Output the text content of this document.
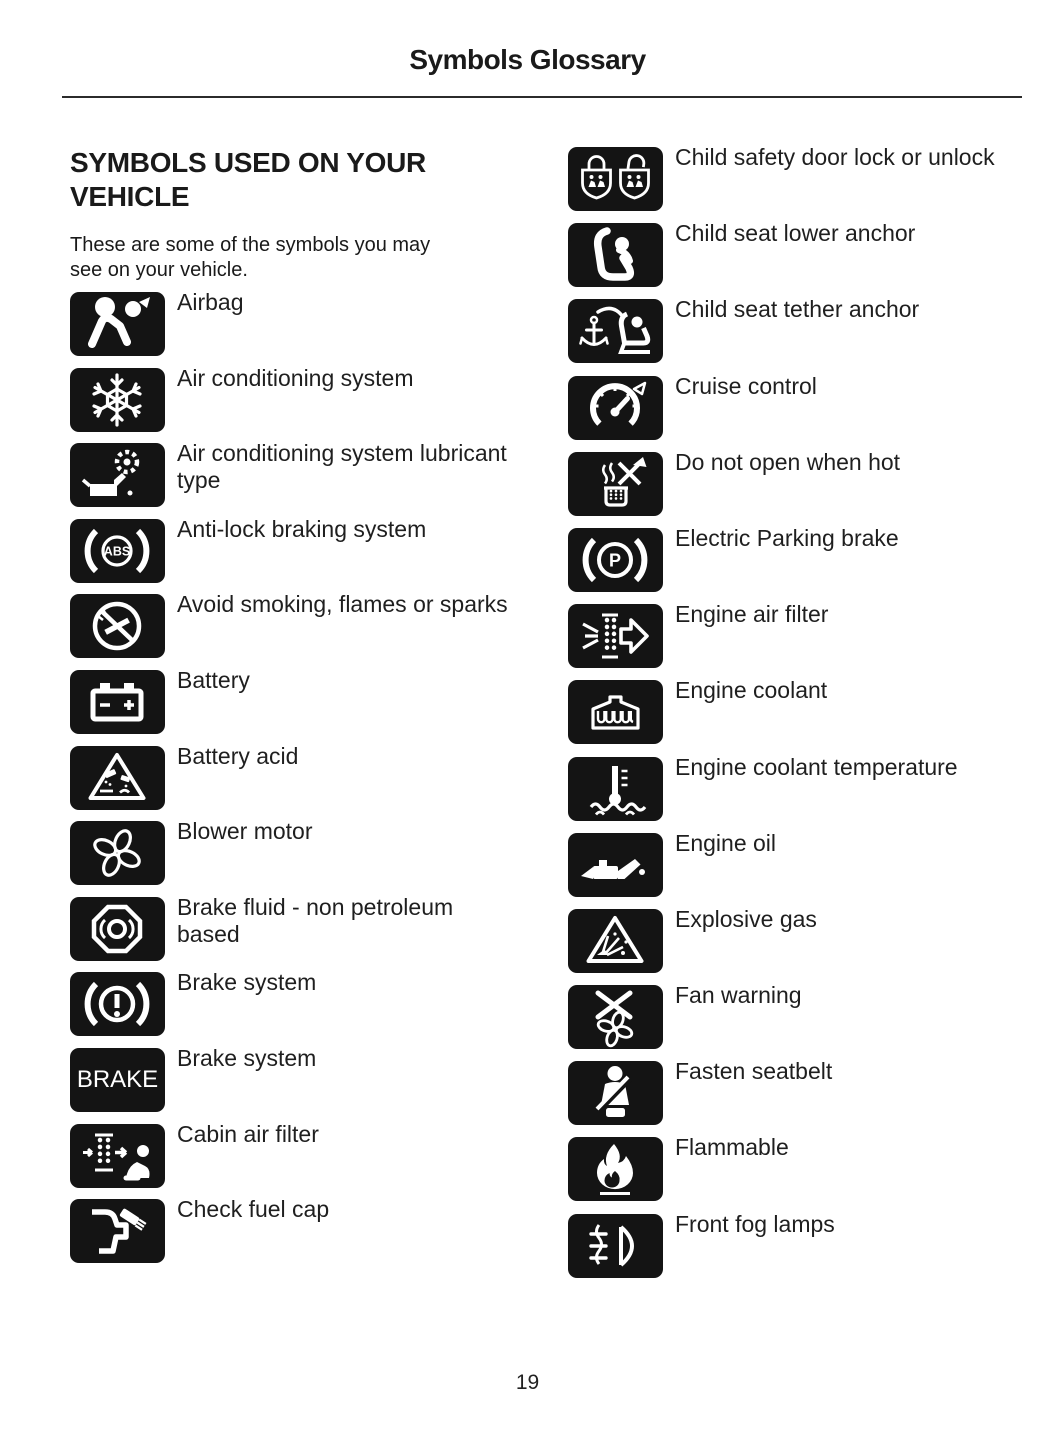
Symbols Glossary
SYMBOLS USED ON YOUR VEHICLE
These are some of the symbols you may see on your vehicle.
Airbag
Air conditioning system
Air conditioning system lubricant type
ABS
Anti-lock braking system
Avoid smoking, flames or sparks
Battery
Battery acid
Blower motor
Brake fluid - non petroleum based
Brake system
BRAKE
Brake system
Cabin air filter
Check fuel cap
Child safety door lock or unlock
Child seat lower anchor
Child seat tether anchor
Cruise control
Do not open when hot
P
Electric Parking brake
Engine air filter
Engine coolant
Engine coolant temperature
Engine oil
Explosive gas
Fan warning
Fasten seatbelt
Flammable
Front fog lamps
19
